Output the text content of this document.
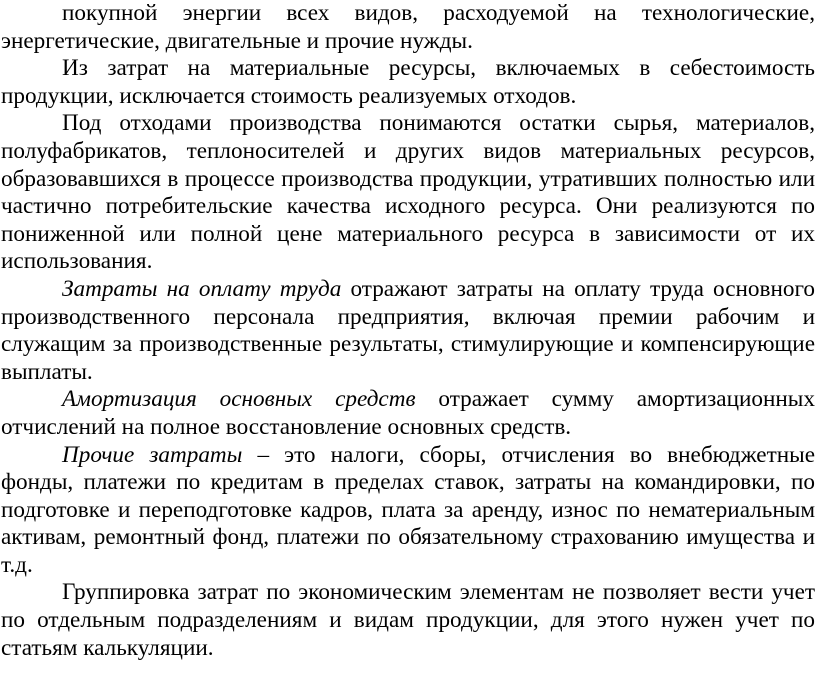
покупной энергии всех видов, расходуемой на технологические, энергетические, двигательные и прочие нужды.

Из затрат на материальные ресурсы, включаемых в себестоимость продукции, исключается стоимость реализуемых отходов.

Под отходами производства понимаются остатки сырья, материалов, полуфабрикатов, теплоносителей и других видов материальных ресурсов, образовавшихся в процессе производства продукции, утративших полностью или частично потребительские качества исходного ресурса. Они реализуются по пониженной или полной цене материального ресурса в зависимости от их использования.

Затраты на оплату труда отражают затраты на оплату труда основного производственного персонала предприятия, включая премии рабочим и служащим за производственные результаты, стимулирующие и компенсирующие выплаты.

Амортизация основных средств отражает сумму амортизационных отчислений на полное восстановление основных средств.

Прочие затраты – это налоги, сборы, отчисления во внебюджетные фонды, платежи по кредитам в пределах ставок, затраты на командировки, по подготовке и переподготовке кадров, плата за аренду, износ по нематериальным активам, ремонтный фонд, платежи по обязательному страхованию имущества и т.д.

Группировка затрат по экономическим элементам не позволяет вести учет по отдельным подразделениям и видам продукции, для этого нужен учет по статьям калькуляции.
